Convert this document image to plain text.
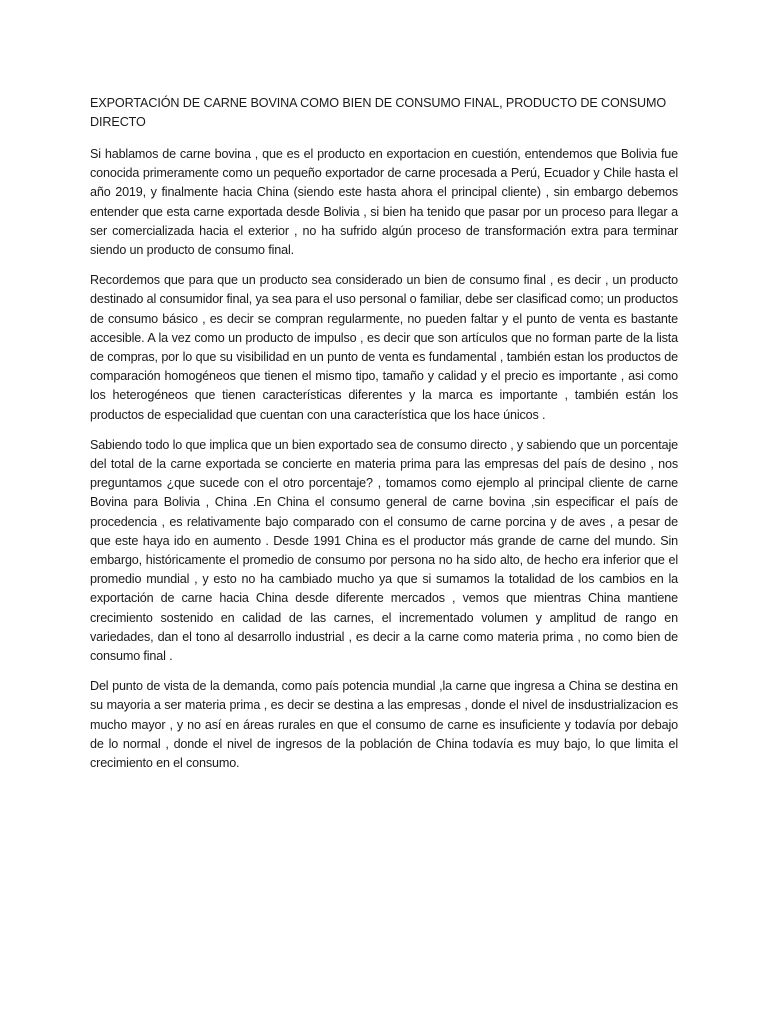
EXPORTACIÓN DE CARNE BOVINA COMO BIEN DE CONSUMO FINAL, PRODUCTO DE CONSUMO DIRECTO

Si hablamos de carne bovina , que es el producto en exportacion en cuestión, entendemos que Bolivia fue conocida primeramente como un pequeño exportador de carne procesada a Perú, Ecuador y Chile hasta el año 2019, y finalmente hacia China (siendo este hasta ahora el principal cliente) , sin embargo debemos entender que esta carne exportada desde Bolivia , si bien ha tenido que pasar por un proceso para llegar a ser comercializada hacia el exterior , no ha sufrido algún proceso de transformación extra para terminar siendo un producto de consumo final.

Recordemos que para que un producto sea considerado un bien de consumo final , es decir , un producto destinado al consumidor final, ya sea para el uso personal o familiar, debe ser clasificad como; un productos de consumo básico , es decir se compran regularmente, no pueden faltar y el punto de venta es bastante accesible. A la vez como un producto de impulso , es decir que son artículos que no forman parte de la lista de compras, por lo que su visibilidad en un punto de venta es fundamental , también estan los productos de comparación homogéneos que tienen el mismo tipo, tamaño y calidad y el precio es importante , asi como los heterogéneos que tienen características diferentes y la marca es importante , también están los productos de especialidad que cuentan con una característica que los hace únicos .

Sabiendo todo lo que implica que un bien exportado sea de consumo directo , y sabiendo que un porcentaje del total de la carne exportada se concierte en materia prima para las empresas del país de desino , nos preguntamos ¿que sucede con el otro porcentaje? , tomamos como ejemplo al principal cliente de carne Bovina para Bolivia , China .En China el consumo general de carne bovina ,sin especificar el país de procedencia , es relativamente bajo comparado con el consumo de carne porcina y de aves , a pesar de que este haya ido en aumento . Desde 1991 China es el productor más grande de carne del mundo. Sin embargo, históricamente el promedio de consumo por persona no ha sido alto, de hecho era inferior que el promedio mundial , y esto no ha cambiado mucho ya que si sumamos la totalidad de los cambios en la exportación de carne hacia China desde diferente mercados , vemos que mientras China mantiene crecimiento sostenido en calidad de las carnes, el incrementado volumen y amplitud de rango en variedades, dan el tono al desarrollo industrial , es decir a la carne como materia prima , no como bien de consumo final .

Del punto de vista de la demanda, como país potencia mundial ,la carne que ingresa a China se destina en su mayoria a ser materia prima , es decir se destina a las empresas , donde el nivel de insdustrializacion es mucho mayor , y no así en áreas rurales en que el consumo de carne es insuficiente y todavía por debajo de lo normal , donde el nivel de ingresos de la población de China todavía es muy bajo, lo que limita el crecimiento en el consumo.
